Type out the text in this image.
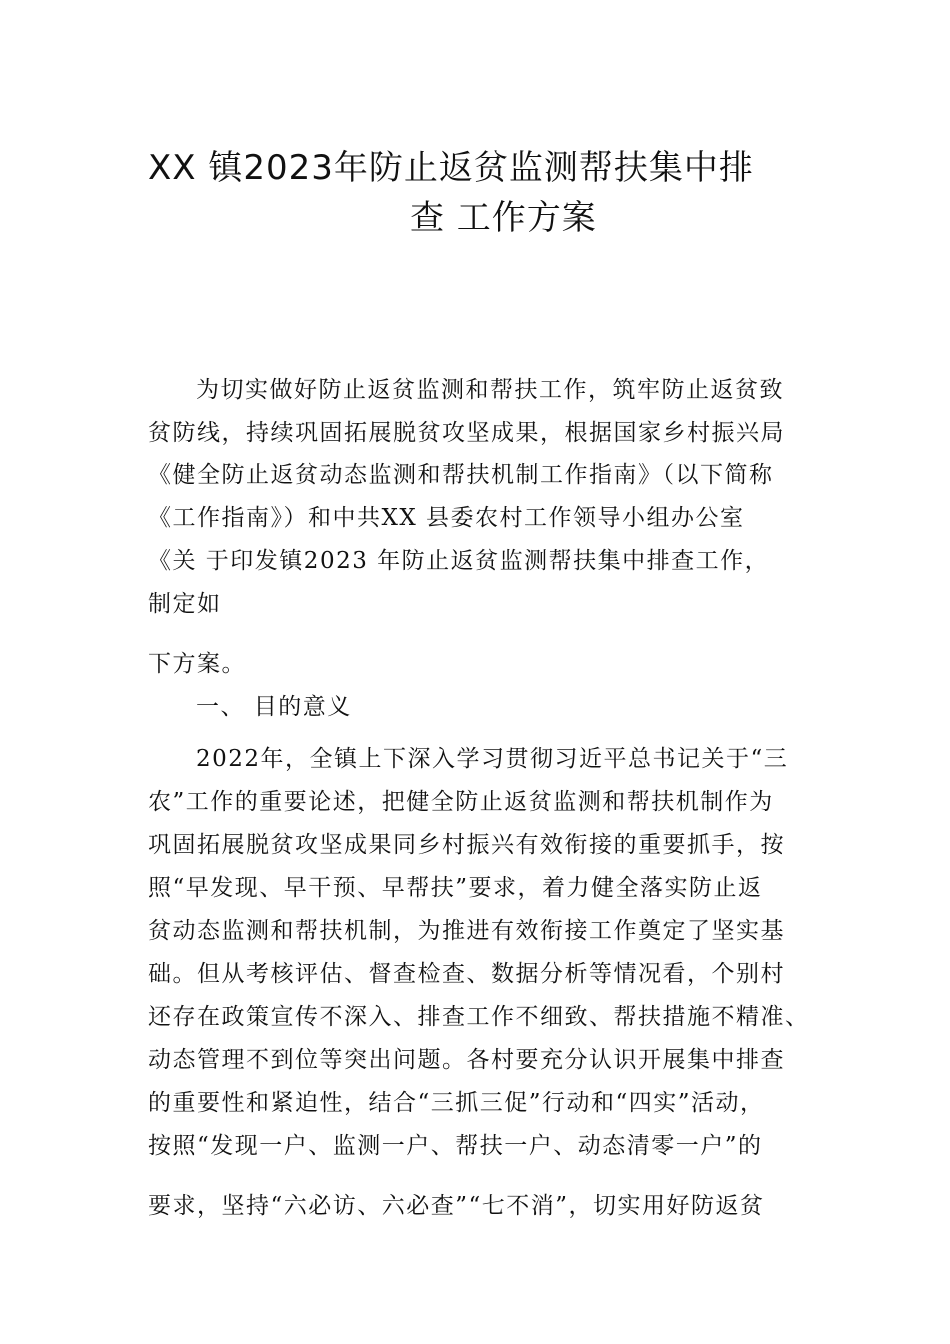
XX 镇2023年防止返贫监测帮扶集中排
查 工作方案
为切实做好防止返贫监测和帮扶工作，筑牢防止返贫致
贫防线，持续巩固拓展脱贫攻坚成果，根据国家乡村振兴局
《健全防止返贫动态监测和帮扶机制工作指南》（以下简称
《工作指南》）和中共XX 县委农村工作领导小组办公室
《关 于印发镇2023 年防止返贫监测帮扶集中排查工作，
制定如
下方案。
一、 目的意义
2022年，全镇上下深入学习贯彻习近平总书记关于“三
农”工作的重要论述，把健全防止返贫监测和帮扶机制作为
巩固拓展脱贫攻坚成果同乡村振兴有效衔接的重要抓手，按
照“早发现、早干预、早帮扶”要求，着力健全落实防止返
贫动态监测和帮扶机制，为推进有效衔接工作奠定了坚实基
础。但从考核评估、督查检查、数据分析等情况看，个别村
还存在政策宣传不深入、排查工作不细致、帮扶措施不精准、
动态管理不到位等突出问题。各村要充分认识开展集中排查
的重要性和紧迫性，结合“三抓三促”行动和“四实”活动，
按照“发现一户、监测一户、帮扶一户、动态清零一户”的
要求，坚持“六必访、六必查”“七不消”，切实用好防返贫
